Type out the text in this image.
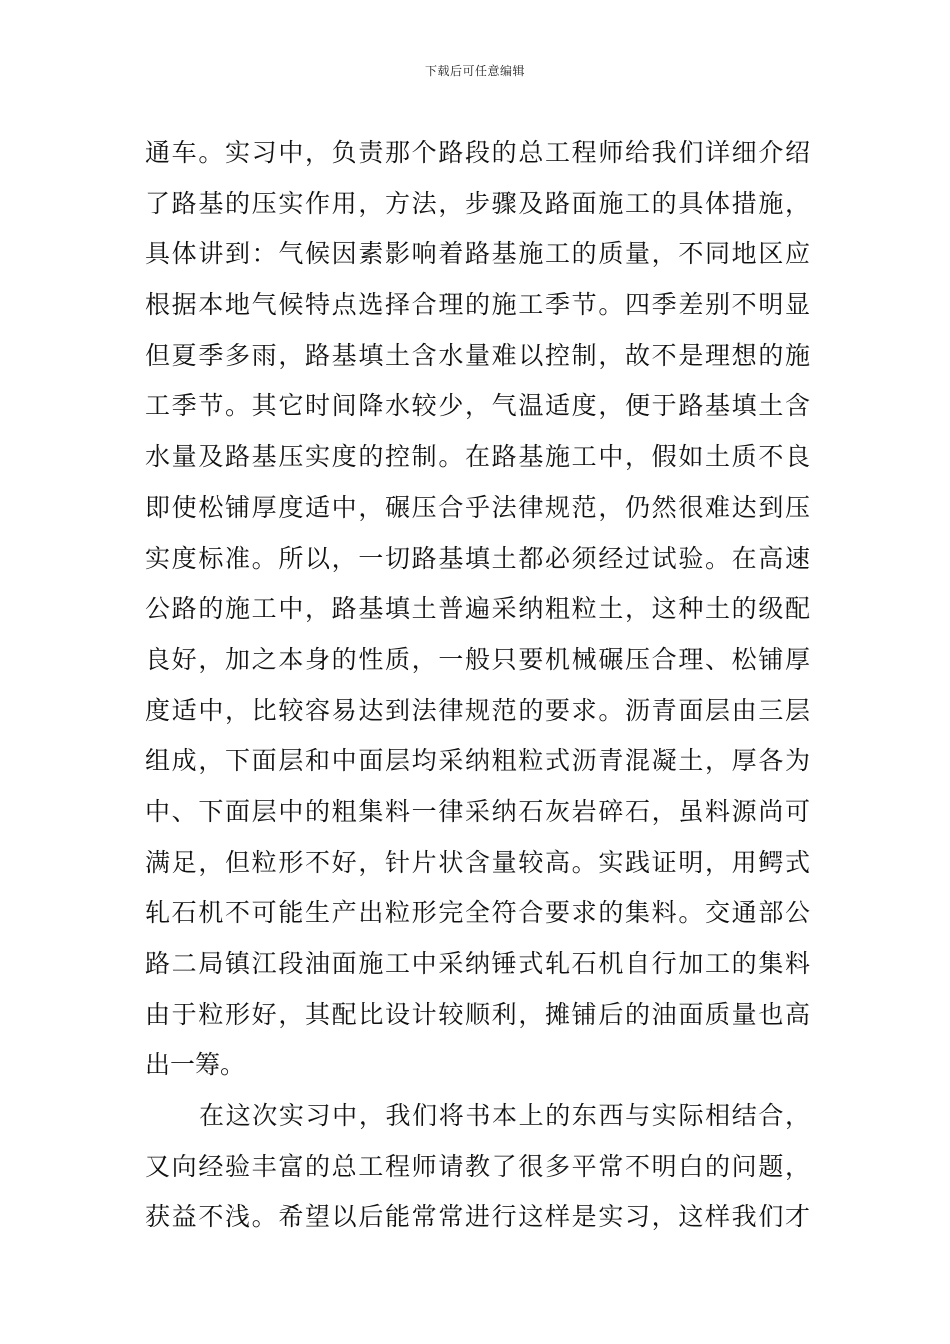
下载后可任意编辑
通车。实习中，负责那个路段的总工程师给我们详细介绍
了路基的压实作用，方法，步骤及路面施工的具体措施，
具体讲到：气候因素影响着路基施工的质量，不同地区应
根据本地气候特点选择合理的施工季节。四季差别不明显
但夏季多雨，路基填土含水量难以控制，故不是理想的施
工季节。其它时间降水较少，气温适度，便于路基填土含
水量及路基压实度的控制。在路基施工中，假如土质不良
即使松铺厚度适中，碾压合乎法律规范，仍然很难达到压
实度标准。所以，一切路基填土都必须经过试验。在高速
公路的施工中，路基填土普遍采纳粗粒土，这种土的级配
良好，加之本身的性质，一般只要机械碾压合理、松铺厚
度适中，比较容易达到法律规范的要求。沥青面层由三层
组成，下面层和中面层均采纳粗粒式沥青混凝土，厚各为
中、下面层中的粗集料一律采纳石灰岩碎石，虽料源尚可
满足，但粒形不好，针片状含量较高。实践证明，用鳄式
轧石机不可能生产出粒形完全符合要求的集料。交通部公
路二局镇江段油面施工中采纳锤式轧石机自行加工的集料
由于粒形好，其配比设计较顺利，摊铺后的油面质量也高
出一筹。
在这次实习中，我们将书本上的东西与实际相结合，
又向经验丰富的总工程师请教了很多平常不明白的问题，
获益不浅。希望以后能常常进行这样是实习，这样我们才
